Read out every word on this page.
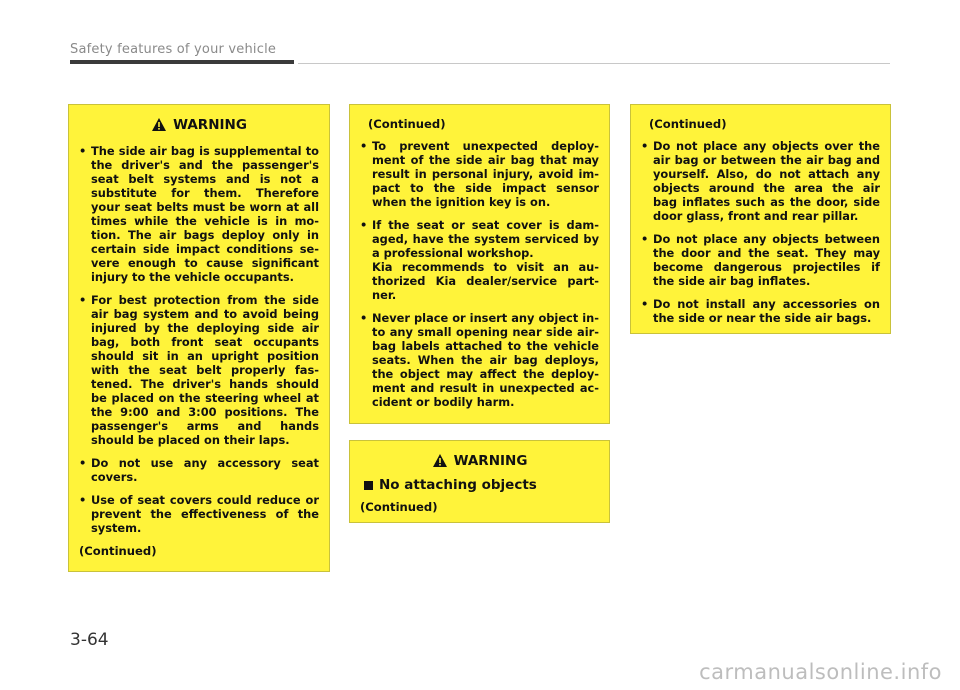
Safety features of your vehicle
WARNING
• The side air bag is supplemental to the driver's and the passenger's seat belt systems and is not a substitute for them. Therefore your seat belts must be worn at all times while the vehicle is in mo-tion. The air bags deploy only in certain side impact conditions se-vere enough to cause significant injury to the vehicle occupants.
• For best protection from the side air bag system and to avoid being injured by the deploying side air bag, both front seat occupants should sit in an upright position with the seat belt properly fas-tened. The driver's hands should be placed on the steering wheel at the 9:00 and 3:00 positions. The passenger's arms and hands should be placed on their laps.
• Do not use any accessory seat covers.
• Use of seat covers could reduce or prevent the effectiveness of the system.
(Continued)
(Continued)
• To prevent unexpected deploy-ment of the side air bag that may result in personal injury, avoid im-pact to the side impact sensor when the ignition key is on.
• If the seat or seat cover is dam-aged, have the system serviced by a professional workshop.
Kia recommends to visit an au-thorized Kia dealer/service part-ner.
• Never place or insert any object in-to any small opening near side air-bag labels attached to the vehicle seats. When the air bag deploys, the object may affect the deploy-ment and result in unexpected ac-cident or bodily harm.
WARNING
No attaching objects
(Continued)
(Continued)
• Do not place any objects over the air bag or between the air bag and yourself. Also, do not attach any objects around the area the air bag inflates such as the door, side door glass, front and rear pillar.
• Do not place any objects between the door and the seat. They may become dangerous projectiles if the side air bag inflates.
• Do not install any accessories on the side or near the side air bags.
3-64
carmanualsonline.info
